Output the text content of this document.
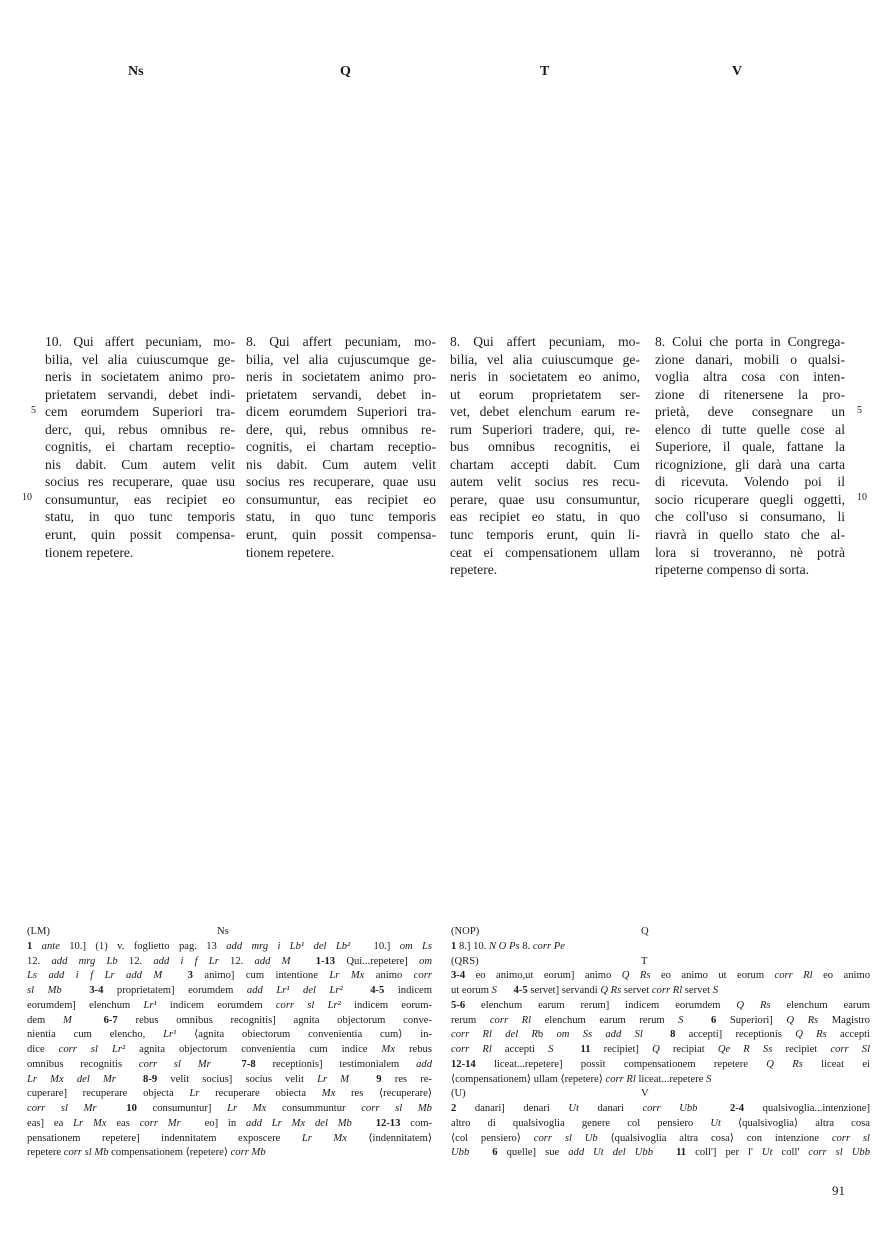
Ns	Q	T	V
10. Qui affert pecuniam, mo-
bilia, vel alia cuiuscumque ge-
neris in societatem animo pro-
prietatem servandi, debet indi-
cem eorumdem Superiori tra-
derc, qui, rebus omnibus re-
cognitis, ei chartam receptio-
nis dabit. Cum autem velit
socius res recuperare, quae usu
consumuntur, eas recipiet eo
statu, in quo tunc temporis
erunt, quin possit compensa-
tionem repetere.
8. Qui affert pecuniam, mo-
bilia, vel alia cujuscumque ge-
neris in societatem animo pro-
prietatem servandi, debet in-
dicem eorumdem Superiori tra-
dere, qui, rebus omnibus re-
cognitis, ei chartam receptio-
nis dabit. Cum autem velit
socius res recuperare, quae usu
consumuntur, eas recipiet eo
statu, in quo tunc temporis
erunt, quin possit compensa-
tionem repetere.
8. Qui affert pecuniam, mo-
bilia, vel alia cuiuscumque ge-
neris in societatem eo animo,
ut eorum proprietatem ser-
vet, debet elenchum earum re-
rum Superiori tradere, qui, re-
bus omnibus recognitis, ei
chartam accepti dabit. Cum
autem velit socius res recu-
perare, quae usu consumuntur,
eas recipiet eo statu, in quo
tunc temporis erunt, quin li-
ceat ei compensationem ullam
repetere.
8. Colui che porta in Congrega-
zione danari, mobili o qualsi-
voglia altra cosa con inten-
zione di ritenersene la pro-
prietà, deve consegnare un
elenco di tutte quelle cose al
Superiore, il quale, fattane la
ricognizione, gli darà una carta
di ricevuta. Volendo poi il
socio ricuperare quegli oggetti,
che coll'uso si consumano, li
riavrà in quello stato che al-
lora si troveranno, nè potrà
ripeterne compenso di sorta.
5
10
5
10
(LM)	Ns
1 ante 10.] (1) v. foglietto pag. 13 add mrg i Lb¹ del Lb² 10.] om Ls
12. add mrg Lb 12. add i f Lr 12. add M 1-13 Qui...repetere] om
Ls add i f Lr add M 3 animo] cum intentione Lr Mx animo corr
sl Mb	3-4 proprietatem] eorumdem add Lr¹ del Lr²	4-5 indicem
eorumdem] elenchum Lr¹ indicem eorumdem corr sl Lr² indicem eorum-
dem M	6-7 rebus omnibus recognitis] agnita objectorum conve-
nientia cum elencho, Lr¹ ⟨agnita obiectorum convenientia cum⟩ in-
dice corr sl Lr² agnita objectorum convenientia cum indice Mx rebus
omnibus recognitis corr sl Mr	7-8 receptionis] testimonialem add
Lr Mx del Mr	8-9 velit socius] socius velit Lr M	9 res re-
cuperare] recuperare objecta Lr recuperare obiecta Mx res ⟨recuperare⟩
corr sl Mr	10 consumuntur] Lr Mx consummuntur corr sl Mb
eas] ea Lr Mx eas corr Mr eo] in add Lr Mx del Mb 12-13 com-
pensationem repetere] indennitatem exposcere Lr Mx ⟨indennitatem⟩
repetere corr sl Mb compensationem ⟨repetere⟩ corr Mb
(NOP)	Q
1 8.] 10. N O Ps 8. corr Pe
(QRS)	T
3-4 eo animo,ut eorum] animo Q Rs eo animo ut eorum corr Rl eo animo
ut eorum S 4-5 servet] servandi Q Rs servet corr Rl servet S
5-6 elenchum earum rerum] indicem eorumdem Q Rs elenchum earum
rerum corr Rl elenchum earum rerum S	6 Superiori] Q Rs Magistro
corr Rl del Rb om Ss add Sl	8 accepti] receptionis Q Rs accepti
corr Rl accepti S	11 recipiet] Q recipiat Qe R Ss recipiet corr Sl
12-14 liceat...repetere] possit compensationem repetere Q Rs liceat ei
⟨compensationem⟩ ullam ⟨repetere⟩ corr Rl liceat...repetere S
(U)	V
2 danari] denari Ut danari corr Ubb	2-4 qualsivoglia...intenzione]
altro di qualsivoglia genere col pensiero Ut ⟨qualsivoglia⟩ altra cosa
⟨col pensiero⟩ corr sl Ub ⟨qualsivoglia altra cosa⟩ con intenzione corr sl
Ubb 6 quelle] sue add Ut del Ubb 11 coll'] per l' Ut coll' corr sl Ubb
91
